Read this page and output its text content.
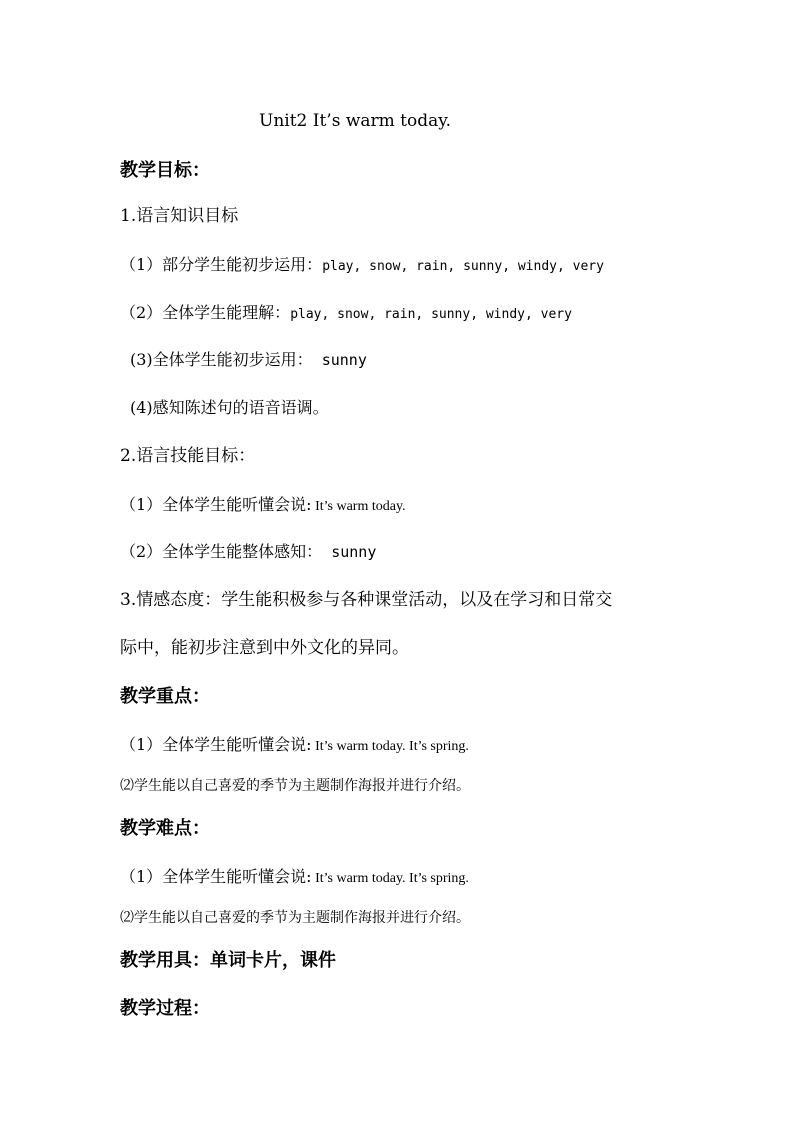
Unit2 It’s warm today.
教学目标：
1.语言知识目标
（1）部分学生能初步运用：play, snow, rain, sunny, windy, very
（2）全体学生能理解：play, snow, rain, sunny, windy, very
(3)全体学生能初步运用： sunny
(4)感知陈述句的语音语调。
2.语言技能目标：
（1）全体学生能听懂会说: It’s warm today.
（2）全体学生能整体感知： sunny
3.情感态度：学生能积极参与各种课堂活动，以及在学习和日常交
际中，能初步注意到中外文化的异同。
教学重点：
（1）全体学生能听懂会说: It’s warm today. It’s spring.
⑵学生能以自己喜爱的季节为主题制作海报并进行介绍。
教学难点：
（1）全体学生能听懂会说: It’s warm today. It’s spring.
⑵学生能以自己喜爱的季节为主题制作海报并进行介绍。
教学用具：单词卡片，课件
教学过程：
